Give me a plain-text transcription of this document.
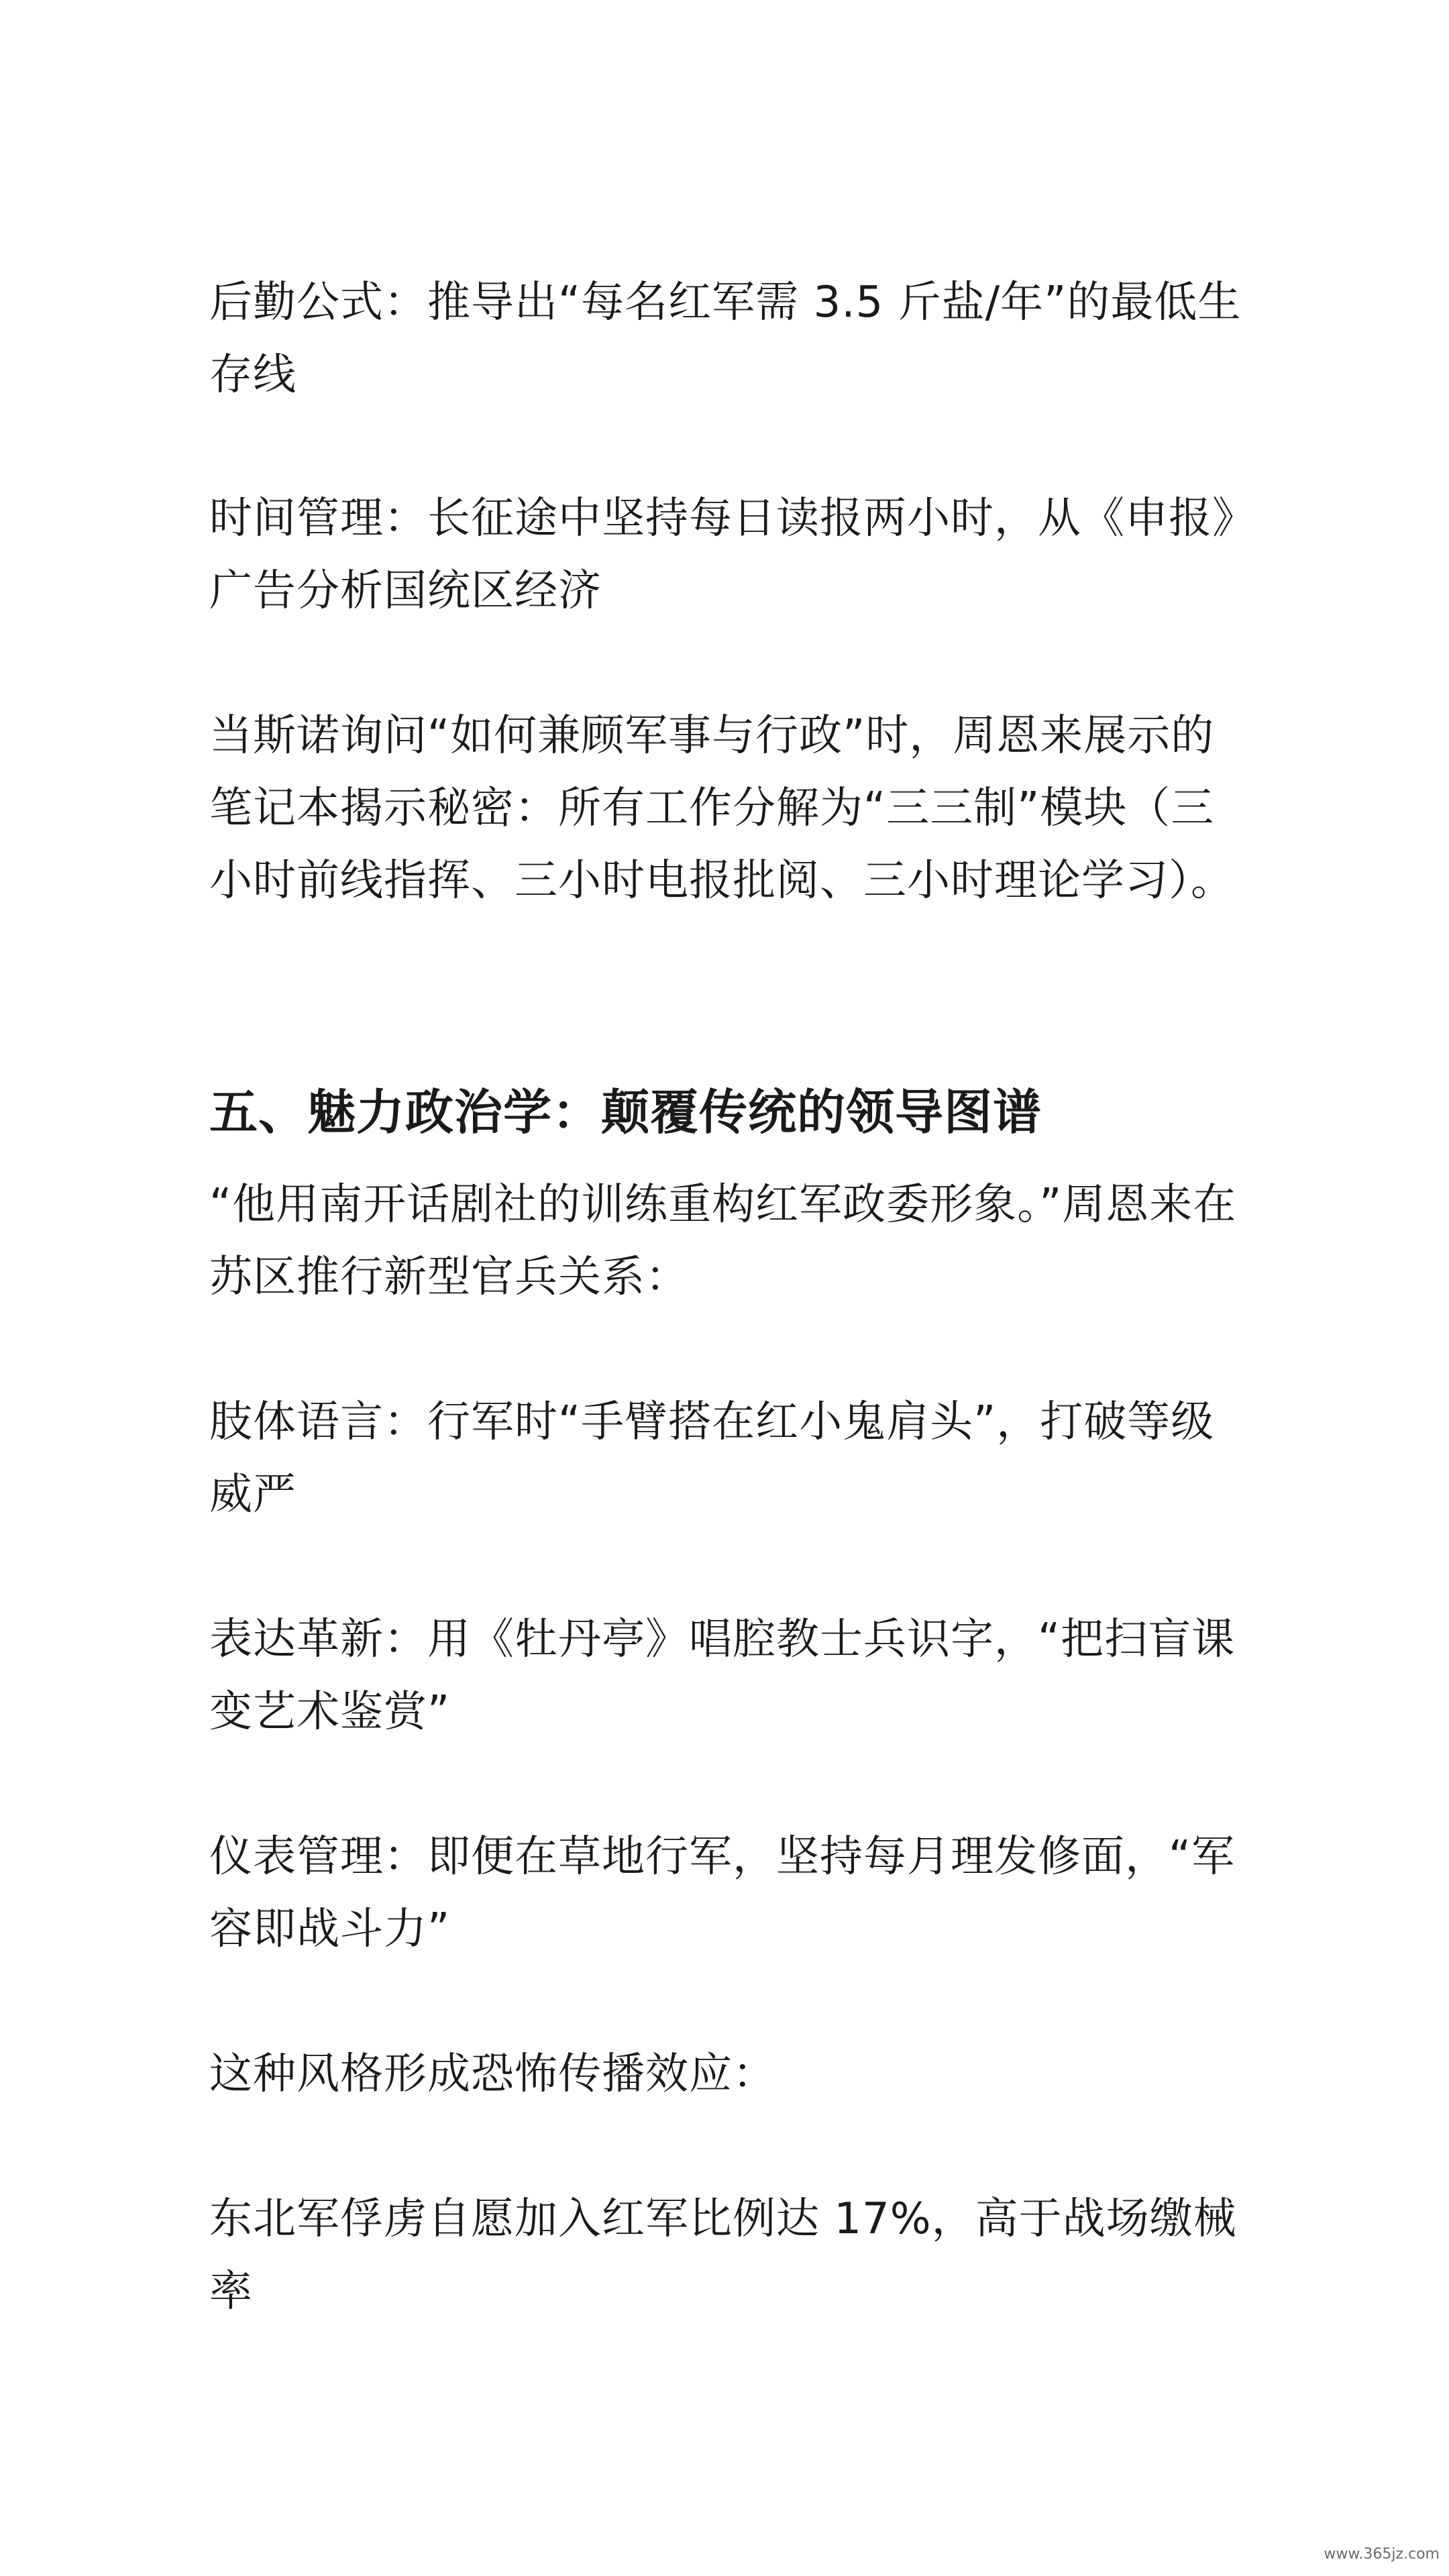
后勤公式：推导出“每名红军需 3.5 斤盐/年”的最低生存线

时间管理：长征途中坚持每日读报两小时，从《申报》广告分析国统区经济

当斯诺询问“如何兼顾军事与行政”时，周恩来展示的笔记本揭示秘密：所有工作分解为“三三制”模块（三小时前线指挥、三小时电报批阅、三小时理论学习）。

五、魅力政治学：颠覆传统的领导图谱

“他用南开话剧社的训练重构红军政委形象。”周恩来在苏区推行新型官兵关系：

肢体语言：行军时“手臂搭在红小鬼肩头”，打破等级威严

表达革新：用《牡丹亭》唱腔教士兵识字，“把扫盲课变艺术鉴赏”

仪表管理：即便在草地行军，坚持每月理发修面，“军容即战斗力”

这种风格形成恐怖传播效应：

东北军俘虏自愿加入红军比例达 17%，高于战场缴械率

www.365jz.com
